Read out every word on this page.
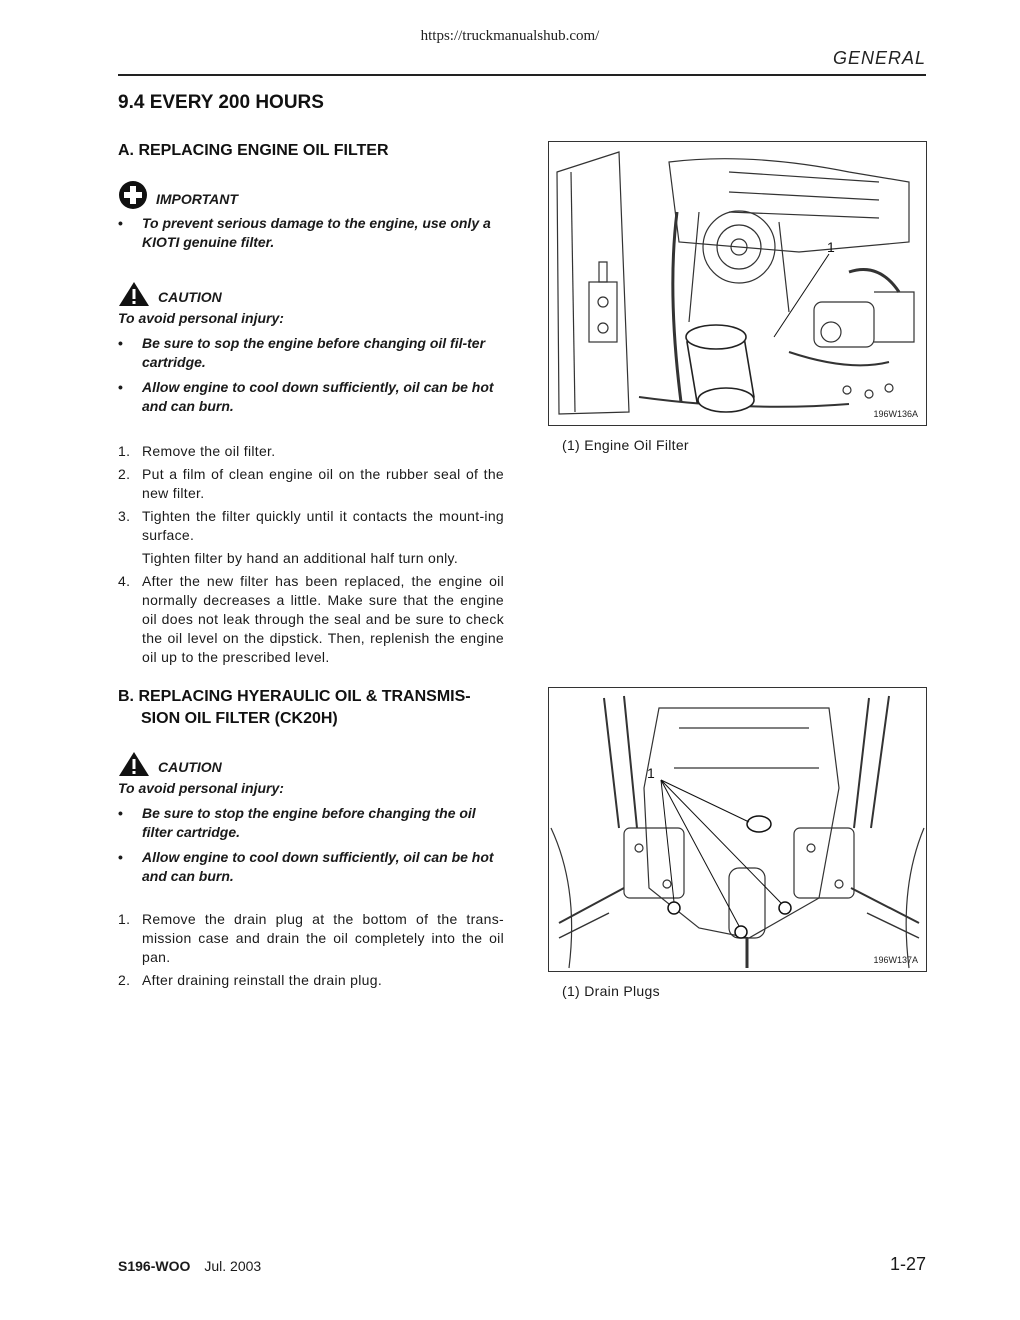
https://truckmanualshub.com/
GENERAL
9.4 EVERY 200 HOURS
A. REPLACING ENGINE OIL FILTER
IMPORTANT
• To prevent serious damage to the engine, use only a KIOTI genuine filter.
CAUTION
To avoid personal injury:
• Be sure to sop the engine before changing oil fil-ter cartridge.
• Allow engine to cool down sufficiently, oil can be hot and can burn.
1. Remove the oil filter.
2. Put a film of clean engine oil on the rubber seal of the new filter.
3. Tighten the filter quickly until it contacts the mount-ing surface.
Tighten filter by hand an additional half turn only.
4. After the new filter has been replaced, the engine oil normally decreases a little. Make sure that the engine oil does not leak through the seal and be sure to check the oil level on the dipstick. Then, replenish the engine oil up to the prescribed level.
1
196W136A
(1) Engine Oil Filter
B. REPLACING HYERAULIC OIL & TRANSMIS-
SION OIL FILTER (CK20H)
CAUTION
To avoid personal injury:
• Be sure to stop the engine before changing the oil filter cartridge.
• Allow engine to cool down sufficiently, oil can be hot and can burn.
1. Remove the drain plug at the bottom of the trans-mission case and drain the oil completely into the oil pan.
2. After draining reinstall the drain plug.
1
196W137A
(1) Drain Plugs
S196-WOO Jul. 2003	1-27
